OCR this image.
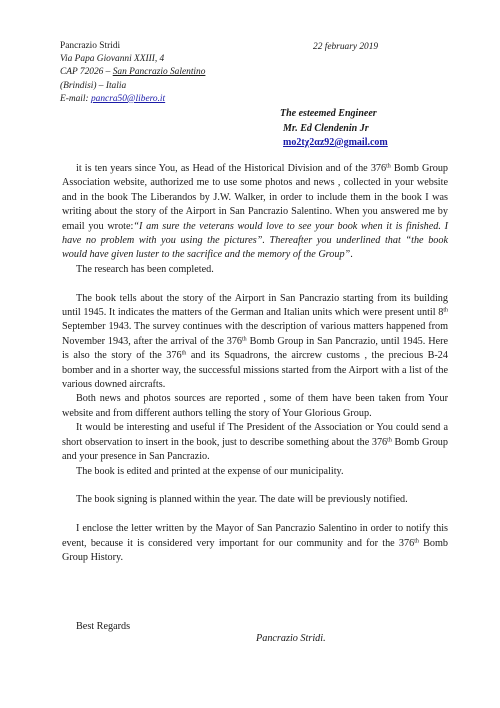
Pancrazio Stridi
Via Papa Giovanni XXIII, 4
CAP 72026 – San Pancrazio Salentino
(Brindisi) – Italia
E-mail: pancra50@libero.it
22 february 2019
The esteemed Engineer
Mr. Ed Clendenin Jr
mo2tχ2αz92@gmail.com

it is ten years since You, as Head of the Historical Division and of the 376th Bomb Group Association website, authorized me to use some photos and news , collected in your website and in the book The Liberandos by J.W. Walker, in order to include them in the book I was writing about the story of the Airport in San Pancrazio Salentino. When you answered me by email you wrote:“I am sure the veterans would love to see your book when it is finished. I have no problem with you using the pictures”. Thereafter you underlined that “the book would have given luster to the sacrifice and the memory of the Group”.

The research has been completed.

The book tells about the story of the Airport in San Pancrazio starting from its building until 1945. It indicates the matters of the German and Italian units which were present until 8th September 1943. The survey continues with the description of various matters happened from November 1943, after the arrival of the 376th Bomb Group in San Pancrazio, until 1945. Here is also the story of the 376th and its Squadrons, the aircrew customs , the precious B-24 bomber and in a shorter way, the successful missions started from the Airport with a list of the various downed aircrafts.

Both news and photos sources are reported , some of them have been taken from Your website and from different authors telling the story of Your Glorious Group.

It would be interesting and useful if The President of the Association or You could send a short observation to insert in the book, just to describe something about the 376th Bomb Group and your presence in San Pancrazio.

The book is edited and printed at the expense of our municipality.

The book signing is planned within the year. The date will be previously notified.

I enclose the letter written by the Mayor of San Pancrazio Salentino in order to notify this event, because it is considered very important for our community and for the 376th Bomb Group History.

Best Regards
Pancrazio Stridi.
